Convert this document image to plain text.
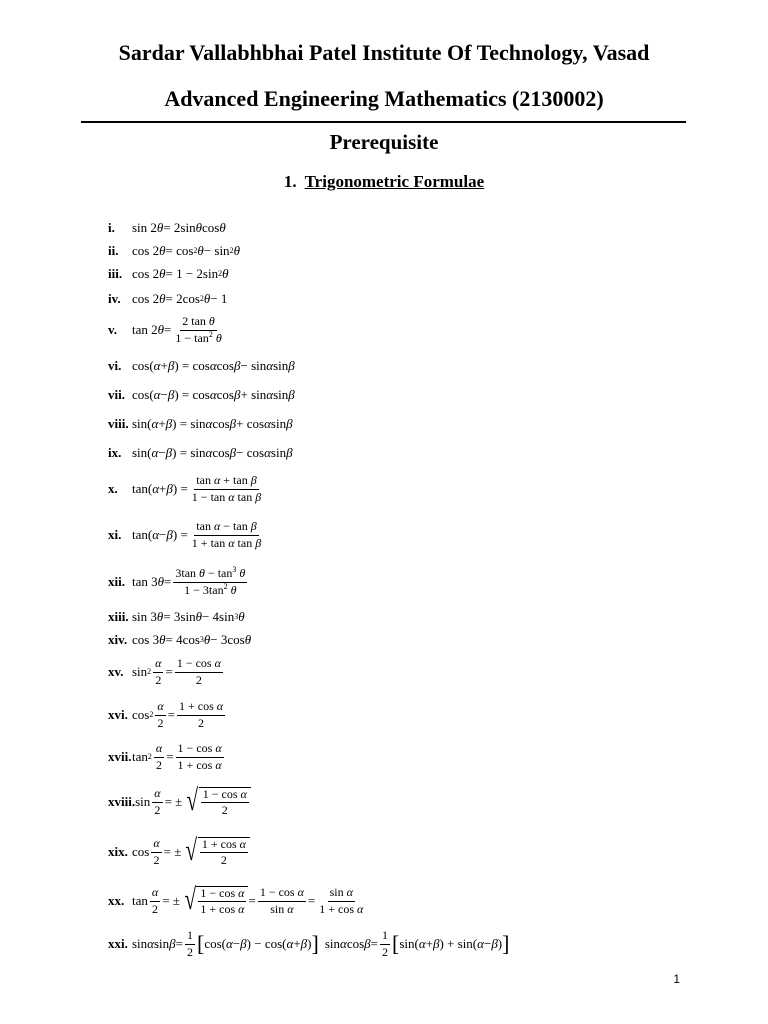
Sardar Vallabhbhai Patel Institute Of Technology, Vasad
Advanced Engineering Mathematics (2130002)
Prerequisite
1. Trigonometric Formulae
i.	sin 2 θ = 2sin θ cos θ
ii.	cos 2 θ = cos 2 θ − sin 2 θ
iii. cos 2 θ = 1 − 2sin 2 θ
iv. cos 2 θ = 2cos 2 θ − 1
v.	tan 2 $\theta = \frac{\text{2 tan θ}}{1 - \tan^2 \theta}$
vi. cos( α + β ) = cos α cos β − sin α sin β
vii. cos( α − β ) = cos α cos β + sin α sin β
viii. sin( α + β ) = sin α cos β + cos α sin β
ix. sin( α − β ) = sin α cos β − cos α sin β
x.	tan( α + β ) = $\frac{\text{tan α + tan β}}{\text{1 − tan α tan β}}$
xi. tan( α − β ) = $\frac{\text{tan α − tan β}}{\text{1 + tan α tan β}}$
xii. tan 3 $\theta = \frac{3\tan \theta - \tan^3 \theta}{1 - 3\tan^2 \theta}$
xiii. sin 3 θ = 3sin θ − 4sin 3 θ
xiv. cos 3 θ = 4cos 3 θ − 3cos θ
xv. $\sin 2 \frac{\alpha}{2} = \frac{\text{1 − cos α}}{2}$
xvi. $\cos 2 \frac{\alpha}{2} = \frac{\text{1 + cos α}}{2}$
xvii. $\tan 2 \frac{\alpha}{2} = \frac{\text{1 − cos α}}{\text{1 + cos α}}$
xviii. $\sin \frac{\alpha}{2}$ = ± √ $\frac{\text{1 − cos α}}{2}$
xix. $\cos \frac{\alpha}{2}$ = ± √ $\frac{\text{1 + cos α}}{2}$
xx. $\tan \frac{\alpha}{2}$ = ± √ $\frac{\text{1 − cos α}}{\text{1 + cos α}} = \frac{\text{1 − cos α}}{\text{sin α}} = \frac{\text{sin α}}{\text{1 + cos α}}$
xxi. sin α $\sin \beta = \frac{1}{2}$ [ cos( α − β ) − cos( α + β ) ] sin α $\cos \beta = \frac{1}{2}$ [ sin( α + β ) + sin( α − β ) ]
1
